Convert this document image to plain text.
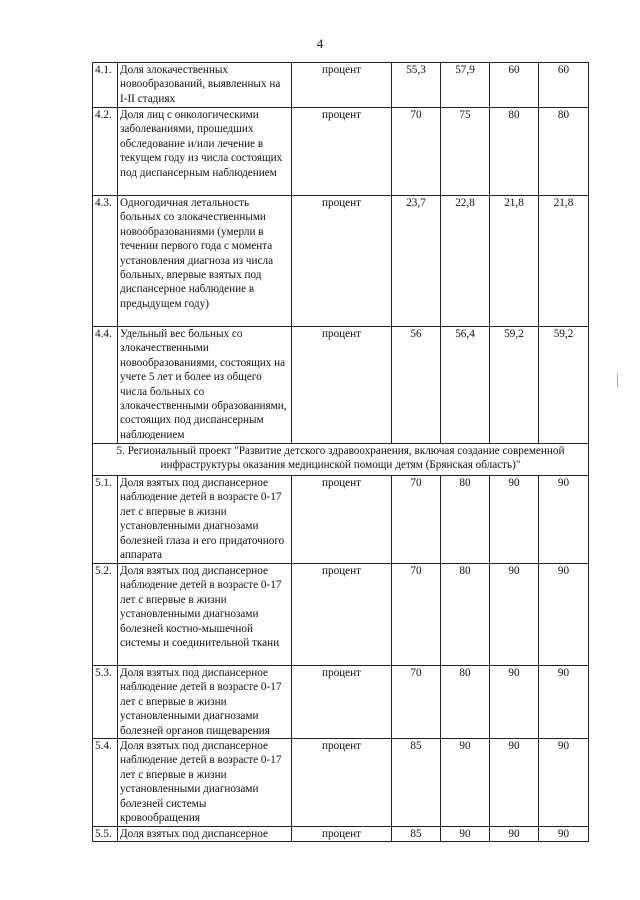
4
4.1.	Доля злокачественных новообразований, выявленных на I-II стадиях	процент	55,3	57,9	60	60
4.2.	Доля лиц с онкологическими заболеваниями, прошедших обследование и/или лечение в текущем году из числа состоящих под диспансерным наблюдением	процент	70	75	80	80
4.3.	Одногодичная летальность больных со злокачественными новообразованиями (умерли в течении первого года с момента установления диагноза из числа больных, впервые взятых под диспансерное наблюдение в предыдущем году)	процент	23,7	22,8	21,8	21,8
4.4.	Удельный вес больных со злокачественными новообразованиями, состоящих на учете 5 лет и более из общего числа больных со злокачественными образованиями, состоящих под диспансерным наблюдением	процент	56	56,4	59,2	59,2
5. Региональный проект "Развитие детского здравоохранения, включая создание современной инфраструктуры оказания медицинской помощи детям (Брянская область)"						
5.1.	Доля взятых под диспансерное наблюдение детей в возрасте 0-17 лет с впервые в жизни установленными диагнозами болезней глаза и его придаточного аппарата	процент	70	80	90	90
5.2.	Доля взятых под диспансерное наблюдение детей в возрасте 0-17 лет с впервые в жизни установленными диагнозами болезней костно-мышечной системы и соединительной ткани	процент	70	80	90	90
5.3.	Доля взятых под диспансерное наблюдение детей в возрасте 0-17 лет с впервые в жизни установленными диагнозами болезней органов пищеварения	процент	70	80	90	90
5.4.	Доля взятых под диспансерное наблюдение детей в возрасте 0-17 лет с впервые в жизни установленными диагнозами болезней системы кровообращения	процент	85	90	90	90
5.5.	Доля взятых под диспансерное	процент	85	90	90	90
